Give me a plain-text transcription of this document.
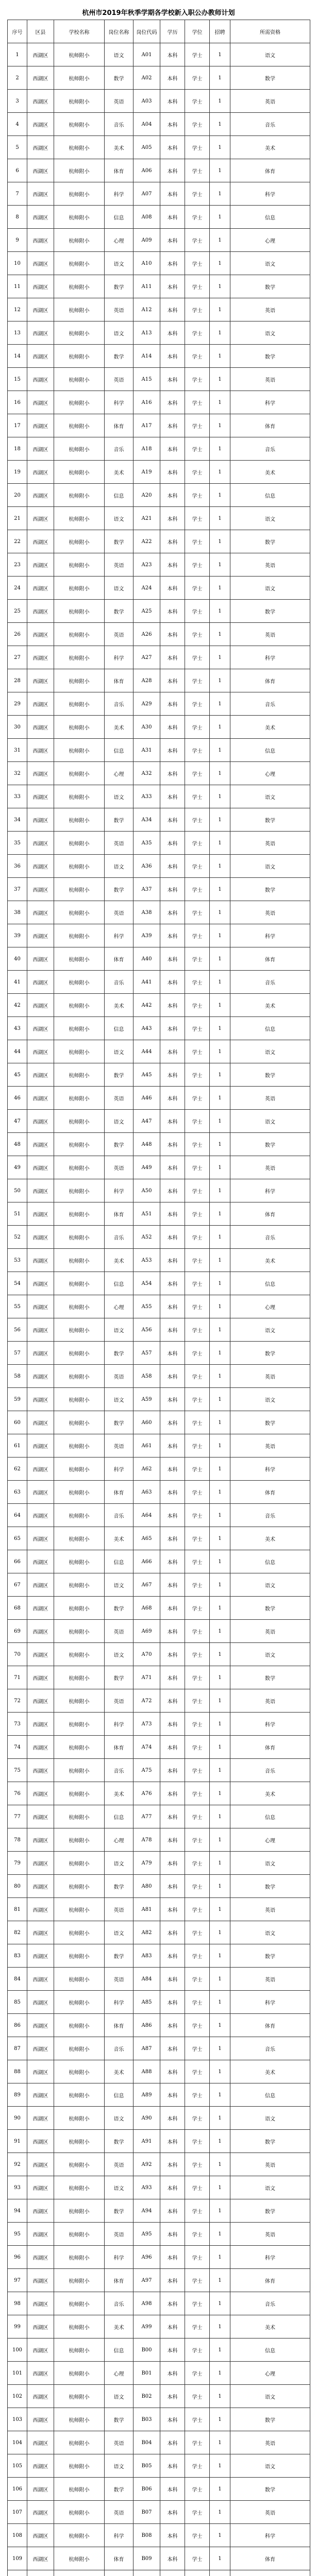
杭州市2019年秋季学期各学校新入职公办教师计划
序号	区县	学校名称	岗位名称	岗位代码	学历	学位	招聘	所需资格
1	西湖区	杭师附小	语文	A01	本科	学士	1	语文
2	西湖区	杭师附小	数学	A02	本科	学士	1	数学
3	西湖区	杭师附小	英语	A03	本科	学士	1	英语
4	西湖区	杭师附小	音乐	A04	本科	学士	1	音乐
5	西湖区	杭师附小	美术	A05	本科	学士	1	美术
6	西湖区	杭师附小	体育	A06	本科	学士	1	体育
7	西湖区	杭师附小	科学	A07	本科	学士	1	科学
8	西湖区	杭师附小	信息	A08	本科	学士	1	信息
9	西湖区	杭师附小	心理	A09	本科	学士	1	心理
10	西湖区	杭师附小	语文	A10	本科	学士	1	语文
11	西湖区	杭师附小	数学	A11	本科	学士	1	数学
12	西湖区	杭师附小	英语	A12	本科	学士	1	英语
13	西湖区	杭师附小	语文	A13	本科	学士	1	语文
14	西湖区	杭师附小	数学	A14	本科	学士	1	数学
15	西湖区	杭师附小	英语	A15	本科	学士	1	英语
16	西湖区	杭师附小	科学	A16	本科	学士	1	科学
17	西湖区	杭师附小	体育	A17	本科	学士	1	体育
18	西湖区	杭师附小	音乐	A18	本科	学士	1	音乐
19	西湖区	杭师附小	美术	A19	本科	学士	1	美术
20	西湖区	杭师附小	信息	A20	本科	学士	1	信息
21	西湖区	杭师附小	语文	A21	本科	学士	1	语文
22	西湖区	杭师附小	数学	A22	本科	学士	1	数学
23	西湖区	杭师附小	英语	A23	本科	学士	1	英语
24	西湖区	杭师附小	语文	A24	本科	学士	1	语文
25	西湖区	杭师附小	数学	A25	本科	学士	1	数学
26	西湖区	杭师附小	英语	A26	本科	学士	1	英语
27	西湖区	杭师附小	科学	A27	本科	学士	1	科学
28	西湖区	杭师附小	体育	A28	本科	学士	1	体育
29	西湖区	杭师附小	音乐	A29	本科	学士	1	音乐
30	西湖区	杭师附小	美术	A30	本科	学士	1	美术
31	西湖区	杭师附小	信息	A31	本科	学士	1	信息
32	西湖区	杭师附小	心理	A32	本科	学士	1	心理
33	西湖区	杭师附小	语文	A33	本科	学士	1	语文
34	西湖区	杭师附小	数学	A34	本科	学士	1	数学
35	西湖区	杭师附小	英语	A35	本科	学士	1	英语
36	西湖区	杭师附小	语文	A36	本科	学士	1	语文
37	西湖区	杭师附小	数学	A37	本科	学士	1	数学
38	西湖区	杭师附小	英语	A38	本科	学士	1	英语
39	西湖区	杭师附小	科学	A39	本科	学士	1	科学
40	西湖区	杭师附小	体育	A40	本科	学士	1	体育
41	西湖区	杭师附小	音乐	A41	本科	学士	1	音乐
42	西湖区	杭师附小	美术	A42	本科	学士	1	美术
43	西湖区	杭师附小	信息	A43	本科	学士	1	信息
44	西湖区	杭师附小	语文	A44	本科	学士	1	语文
45	西湖区	杭师附小	数学	A45	本科	学士	1	数学
46	西湖区	杭师附小	英语	A46	本科	学士	1	英语
47	西湖区	杭师附小	语文	A47	本科	学士	1	语文
48	西湖区	杭师附小	数学	A48	本科	学士	1	数学
49	西湖区	杭师附小	英语	A49	本科	学士	1	英语
50	西湖区	杭师附小	科学	A50	本科	学士	1	科学
51	西湖区	杭师附小	体育	A51	本科	学士	1	体育
52	西湖区	杭师附小	音乐	A52	本科	学士	1	音乐
53	西湖区	杭师附小	美术	A53	本科	学士	1	美术
54	西湖区	杭师附小	信息	A54	本科	学士	1	信息
55	西湖区	杭师附小	心理	A55	本科	学士	1	心理
56	西湖区	杭师附小	语文	A56	本科	学士	1	语文
57	西湖区	杭师附小	数学	A57	本科	学士	1	数学
58	西湖区	杭师附小	英语	A58	本科	学士	1	英语
59	西湖区	杭师附小	语文	A59	本科	学士	1	语文
60	西湖区	杭师附小	数学	A60	本科	学士	1	数学
61	西湖区	杭师附小	英语	A61	本科	学士	1	英语
62	西湖区	杭师附小	科学	A62	本科	学士	1	科学
63	西湖区	杭师附小	体育	A63	本科	学士	1	体育
64	西湖区	杭师附小	音乐	A64	本科	学士	1	音乐
65	西湖区	杭师附小	美术	A65	本科	学士	1	美术
66	西湖区	杭师附小	信息	A66	本科	学士	1	信息
67	西湖区	杭师附小	语文	A67	本科	学士	1	语文
68	西湖区	杭师附小	数学	A68	本科	学士	1	数学
69	西湖区	杭师附小	英语	A69	本科	学士	1	英语
70	西湖区	杭师附小	语文	A70	本科	学士	1	语文
71	西湖区	杭师附小	数学	A71	本科	学士	1	数学
72	西湖区	杭师附小	英语	A72	本科	学士	1	英语
73	西湖区	杭师附小	科学	A73	本科	学士	1	科学
74	西湖区	杭师附小	体育	A74	本科	学士	1	体育
75	西湖区	杭师附小	音乐	A75	本科	学士	1	音乐
76	西湖区	杭师附小	美术	A76	本科	学士	1	美术
77	西湖区	杭师附小	信息	A77	本科	学士	1	信息
78	西湖区	杭师附小	心理	A78	本科	学士	1	心理
79	西湖区	杭师附小	语文	A79	本科	学士	1	语文
80	西湖区	杭师附小	数学	A80	本科	学士	1	数学
81	西湖区	杭师附小	英语	A81	本科	学士	1	英语
82	西湖区	杭师附小	语文	A82	本科	学士	1	语文
83	西湖区	杭师附小	数学	A83	本科	学士	1	数学
84	西湖区	杭师附小	英语	A84	本科	学士	1	英语
85	西湖区	杭师附小	科学	A85	本科	学士	1	科学
86	西湖区	杭师附小	体育	A86	本科	学士	1	体育
87	西湖区	杭师附小	音乐	A87	本科	学士	1	音乐
88	西湖区	杭师附小	美术	A88	本科	学士	1	美术
89	西湖区	杭师附小	信息	A89	本科	学士	1	信息
90	西湖区	杭师附小	语文	A90	本科	学士	1	语文
91	西湖区	杭师附小	数学	A91	本科	学士	1	数学
92	西湖区	杭师附小	英语	A92	本科	学士	1	英语
93	西湖区	杭师附小	语文	A93	本科	学士	1	语文
94	西湖区	杭师附小	数学	A94	本科	学士	1	数学
95	西湖区	杭师附小	英语	A95	本科	学士	1	英语
96	西湖区	杭师附小	科学	A96	本科	学士	1	科学
97	西湖区	杭师附小	体育	A97	本科	学士	1	体育
98	西湖区	杭师附小	音乐	A98	本科	学士	1	音乐
99	西湖区	杭师附小	美术	A99	本科	学士	1	美术
100	西湖区	杭师附小	信息	B00	本科	学士	1	信息
101	西湖区	杭师附小	心理	B01	本科	学士	1	心理
102	西湖区	杭师附小	语文	B02	本科	学士	1	语文
103	西湖区	杭师附小	数学	B03	本科	学士	1	数学
104	西湖区	杭师附小	英语	B04	本科	学士	1	英语
105	西湖区	杭师附小	语文	B05	本科	学士	1	语文
106	西湖区	杭师附小	数学	B06	本科	学士	1	数学
107	西湖区	杭师附小	英语	B07	本科	学士	1	英语
108	西湖区	杭师附小	科学	B08	本科	学士	1	科学
109	西湖区	杭师附小	体育	B09	本科	学士	1	体育
